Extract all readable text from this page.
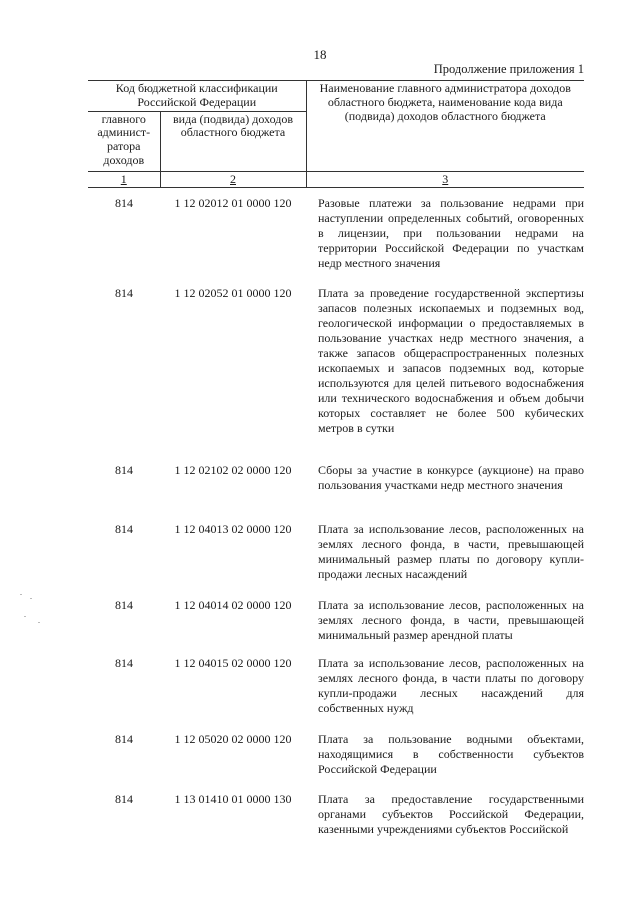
18
Продолжение приложения 1
Код бюджетной классификации Российской Федерации		Наименование главного администратора доходов областного бюджета, наименование кода вида (подвида) доходов областного бюджета
главного админист-ратора доходов	вида (подвида) доходов областного бюджета	
1	2	3
814	1 12 02012 01 0000 120	Разовые платежи за пользование недрами при наступлении определенных событий, оговоренных в лицензии, при пользовании недрами на территории Российской Федерации по участкам недр местного значения
814	1 12 02052 01 0000 120	Плата за проведение государственной экспертизы запасов полезных ископаемых и подземных вод, геологической информации о предоставляемых в пользование участках недр местного значения, а также запасов общераспространенных полезных ископаемых и запасов подземных вод, которые используются для целей питьевого водоснабжения или технического водоснабжения и объем добычи которых составляет не более 500 кубических метров в сутки
814	1 12 02102 02 0000 120	Сборы за участие в конкурсе (аукционе) на право пользования участками недр местного значения
814	1 12 04013 02 0000 120	Плата за использование лесов, расположенных на землях лесного фонда, в части, превышающей минимальный размер платы по договору купли-продажи лесных насаждений
814	1 12 04014 02 0000 120	Плата за использование лесов, расположенных на землях лесного фонда, в части, превышающей минимальный размер арендной платы
814	1 12 04015 02 0000 120	Плата за использование лесов, расположенных на землях лесного фонда, в части платы по договору купли-продажи лесных насаждений для собственных нужд
814	1 12 05020 02 0000 120	Плата за пользование водными объектами, находящимися в собственности субъектов Российской Федерации
814	1 13 01410 01 0000 130	Плата за предоставление государственными органами субъектов Российской Федерации, казенными учреждениями субъектов Российской
